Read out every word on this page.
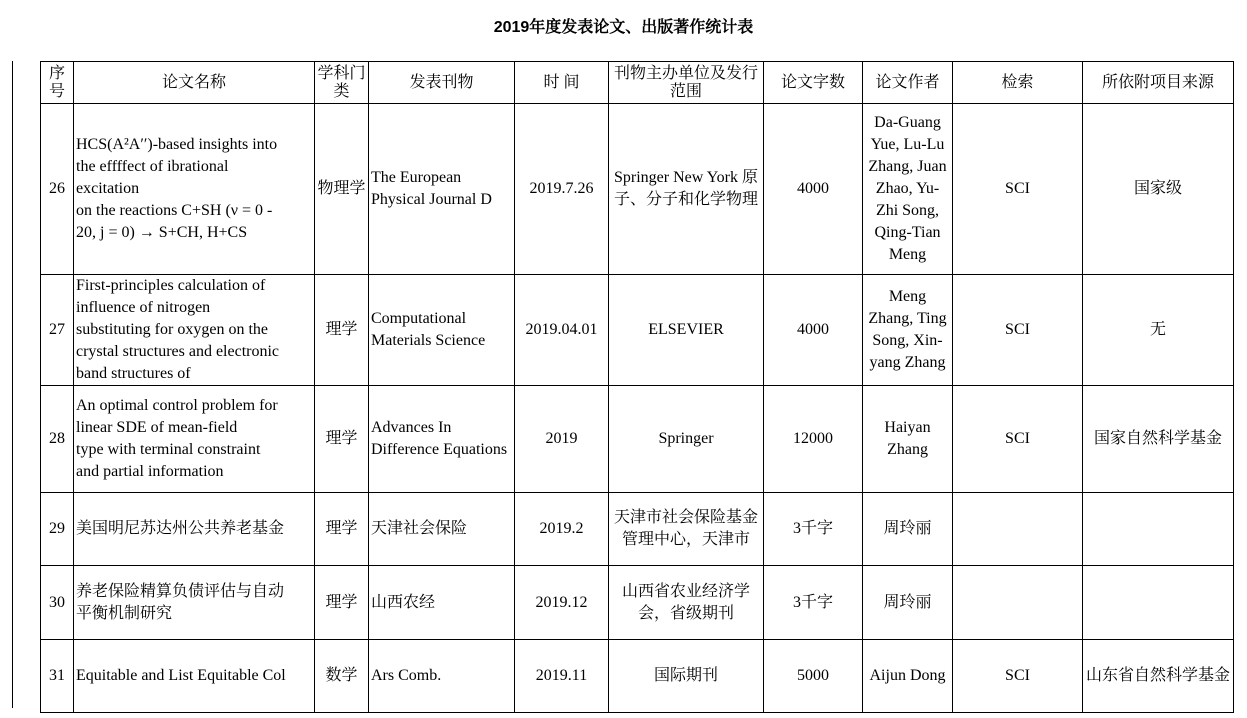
2019年度发表论文、出版著作统计表
序号	论文名称	学科门类	发表刊物	时 间	刊物主办单位及发行范围	论文字数	论文作者	检索	所依附项目来源
26	HCS(A²A′′)-based insights into
the effffect of ibrational
excitation
on the reactions C+SH (ν = 0 -
20, j = 0) → S+CH, H+CS	物理学	The European Physical Journal D	2019.7.26	Springer New York 原子、分子和化学物理	4000	Da-Guang Yue, Lu-Lu Zhang, Juan Zhao, Yu-Zhi Song, Qing-Tian Meng	SCI	国家级
27	First-principles calculation of
influence of nitrogen
substituting for oxygen on the
crystal structures and electronic
band structures of	理学	Computational Materials Science	2019.04.01	ELSEVIER	4000	Meng Zhang, Ting Song, Xin-yang Zhang	SCI	无
28	An optimal control problem for
linear SDE of mean-field
type with terminal constraint
and partial information	理学	Advances In Difference Equations	2019	Springer	12000	Haiyan Zhang	SCI	国家自然科学基金
29	美国明尼苏达州公共养老基金	理学	天津社会保险	2019.2	天津市社会保险基金管理中心，天津市	3千字	周玲丽		
30	养老保险精算负债评估与自动
平衡机制研究	理学	山西农经	2019.12	山西省农业经济学会，省级期刊	3千字	周玲丽		
31	Equitable and List Equitable Col	数学	Ars Comb.	2019.11	国际期刊	5000	Aijun Dong	SCI	山东省自然科学基金
